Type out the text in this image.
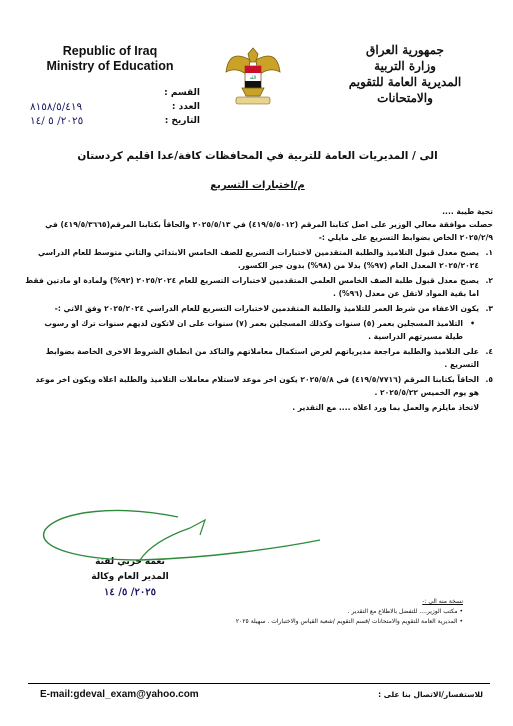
Republic of Iraq
Ministry of Education
الله
جمهورية العراق
وزارة التربية
المديرية العامة للتقويم والامتحانات
القسم :
٨١٥٨/٥/٤١٩	العدد :
٢٠٢٥/ ٥ /١٤	التاريخ :
الى / المديريات العامة للتربية في المحافظات كافة/عدا اقليم كردستان
م/اختبارات التسريع

تحية طيبة ....

حصلت موافقة معالي الوزير على اصل كتابنا المرقم (٤١٩/٥/٥٠١٢) في ٢٠٢٥/٥/١٣ والحاقاً بكتابنا المرقم(٤١٩/٥/٣٦٦٥) في ٢٠٢٥/٢/٩ الخاص بضوابط التسريع على مايلي :-

١.
يصبح معدل قبول التلاميذ والطلبة المتقدمين لاختبارات التسريع للصف الخامس الابتدائي والثاني متوسط للعام الدراسي ٢٠٢٥/٢٠٢٤ المعدل العام (٩٧%) بدلا من (٩٨%) بدون جبر الكسور.
٢.
يصبح معدل قبول طلبة الصف الخامس العلمي المتقدمين لاختبارات التسريع للعام ٢٠٢٥/٢٠٢٤ (٩٢%) ولمادة او مادتين فقط اما بقية المواد لاتقل عن معدل (٩٦%) .
٣.
يكون الاعفاء من شرط العمر للتلاميذ والطلبة المتقدمين لاختبارات التسريع للعام الدراسي ٢٠٢٥/٢٠٢٤ وفق الاتي :-
•
التلاميذ المسجلين بعمر (٥) سنوات وكذلك المسجلين بعمر (٧) سنوات على ان لاتكون لديهم سنوات ترك او رسوب طيلة مسيرتهم الدراسية .
٤.
على التلاميذ والطلبة مراجعة مديرياتهم لغرض استكمال معاملاتهم والتاكد من انطباق الشروط الاخرى الخاصة بضوابط التسريع .
٥.
الحاقاً بكتابنا المرقم (٤١٩/٥/٧٧١٦) في ٢٠٢٥/٥/٨ يكون اخر موعد لاستلام معاملات التلاميذ والطلبة اعلاه ويكون اخر موعد هو يوم الخميس ٢٠٢٥/٥/٢٢ .

لاتخاذ مايلزم والعمل بما ورد اعلاه .... مع التقدير .

نعمة حربي لفتة
المدير العام وكالة
٢٠٢٥/ ٥/ ١٤
نسخة منه الى :-
• مكتب الوزير.... للتفضل بالاطلاع مع التقدير .
• المديرية العامة للتقويم والامتحانات /قسم التقويم /شعبة القياس والاختبارات . سهيلة ٢٠٢٥
E-mail:gdeval_exam@yahoo.com	للاستفسار/الاتصال بنا على :
